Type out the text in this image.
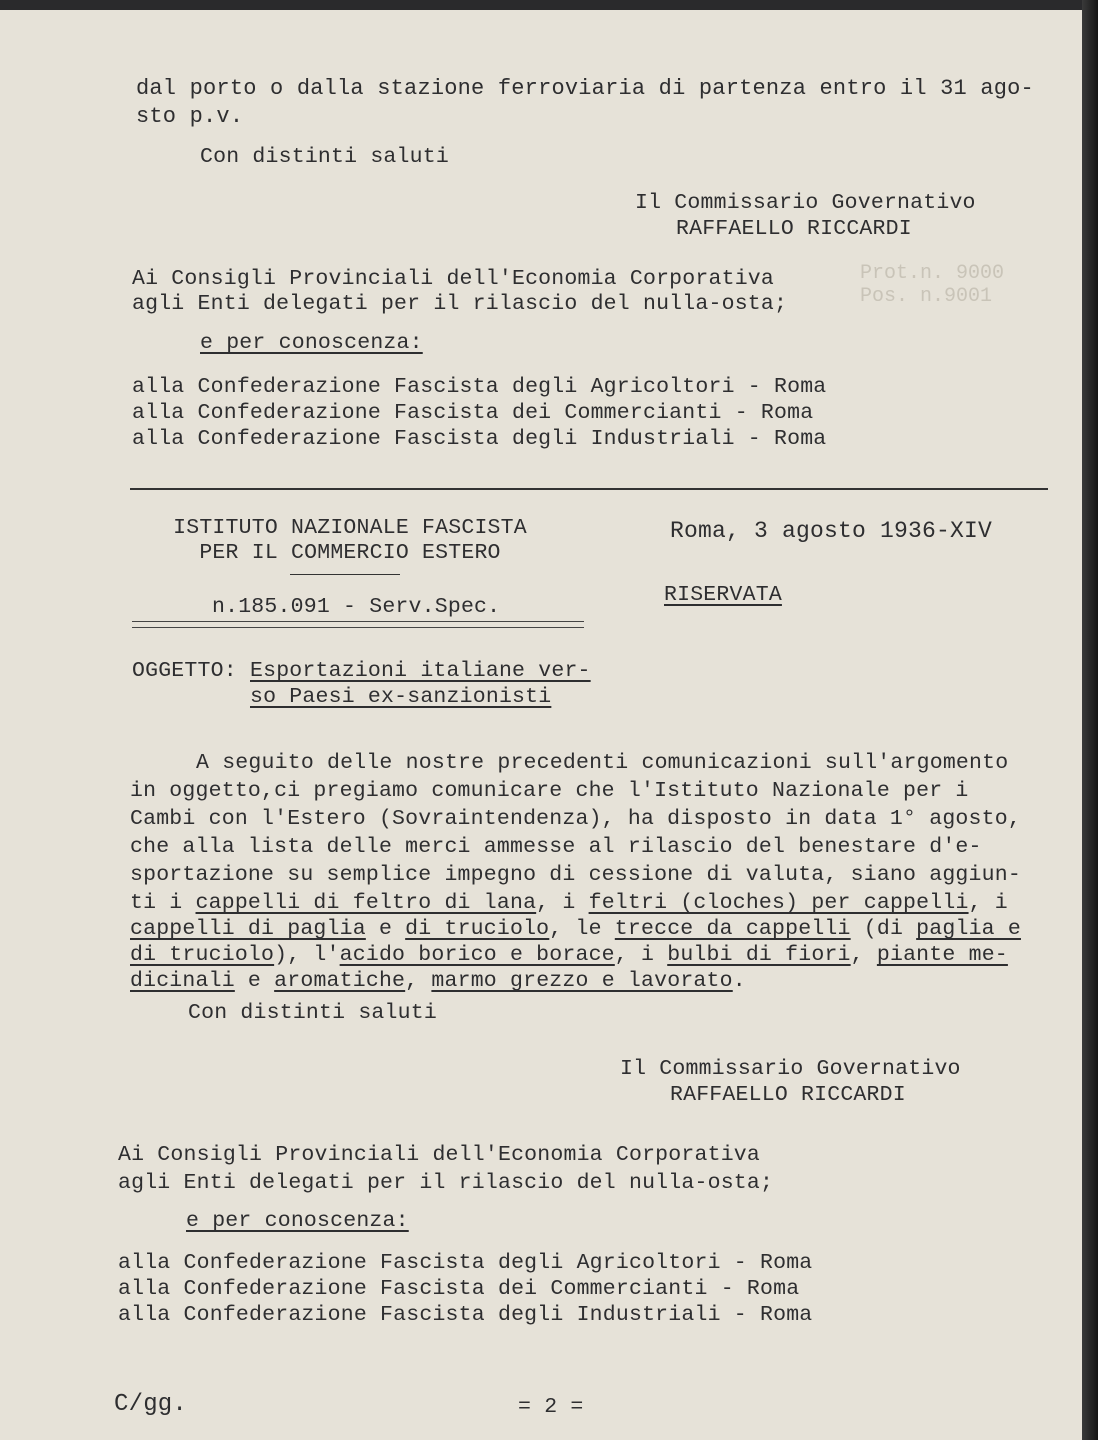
Prot.n. 9000
Pos. n.9001
dal porto o dalla stazione ferroviaria di partenza entro il 31 ago-
sto p.v.
Con distinti saluti
Il Commissario Governativo
RAFFAELLO RICCARDI
Ai Consigli Provinciali dell'Economia Corporativa
agli Enti delegati per il rilascio del nulla-osta;
e per conoscenza:
alla Confederazione Fascista degli Agricoltori - Roma
alla Confederazione Fascista dei Commercianti - Roma
alla Confederazione Fascista degli Industriali - Roma
ISTITUTO NAZIONALE FASCISTA
PER IL COMMERCIO ESTERO
Roma, 3 agosto 1936-XIV
n.185.091 - Serv.Spec.	RISERVATA
OGGETTO: Esportazioni italiane ver-
so Paesi ex-sanzionisti
A seguito delle nostre precedenti comunicazioni sull'argomento
in oggetto,ci pregiamo comunicare che l'Istituto Nazionale per i
Cambi con l'Estero (Sovraintendenza), ha disposto in data 1° agosto,
che alla lista delle merci ammesse al rilascio del benestare d'e-
sportazione su semplice impegno di cessione di valuta, siano aggiun-
ti i cappelli di feltro di lana, i feltri (cloches) per cappelli, i
cappelli di paglia e di truciolo, le trecce da cappelli (di paglia e
di truciolo), l'acido borico e borace, i bulbi di fiori, piante me-
dicinali e aromatiche, marmo grezzo e lavorato.
Con distinti saluti
Il Commissario Governativo
RAFFAELLO RICCARDI
Ai Consigli Provinciali dell'Economia Corporativa
agli Enti delegati per il rilascio del nulla-osta;
e per conoscenza:
alla Confederazione Fascista degli Agricoltori - Roma
alla Confederazione Fascista dei Commercianti - Roma
alla Confederazione Fascista degli Industriali - Roma
C/gg.	= 2 =
